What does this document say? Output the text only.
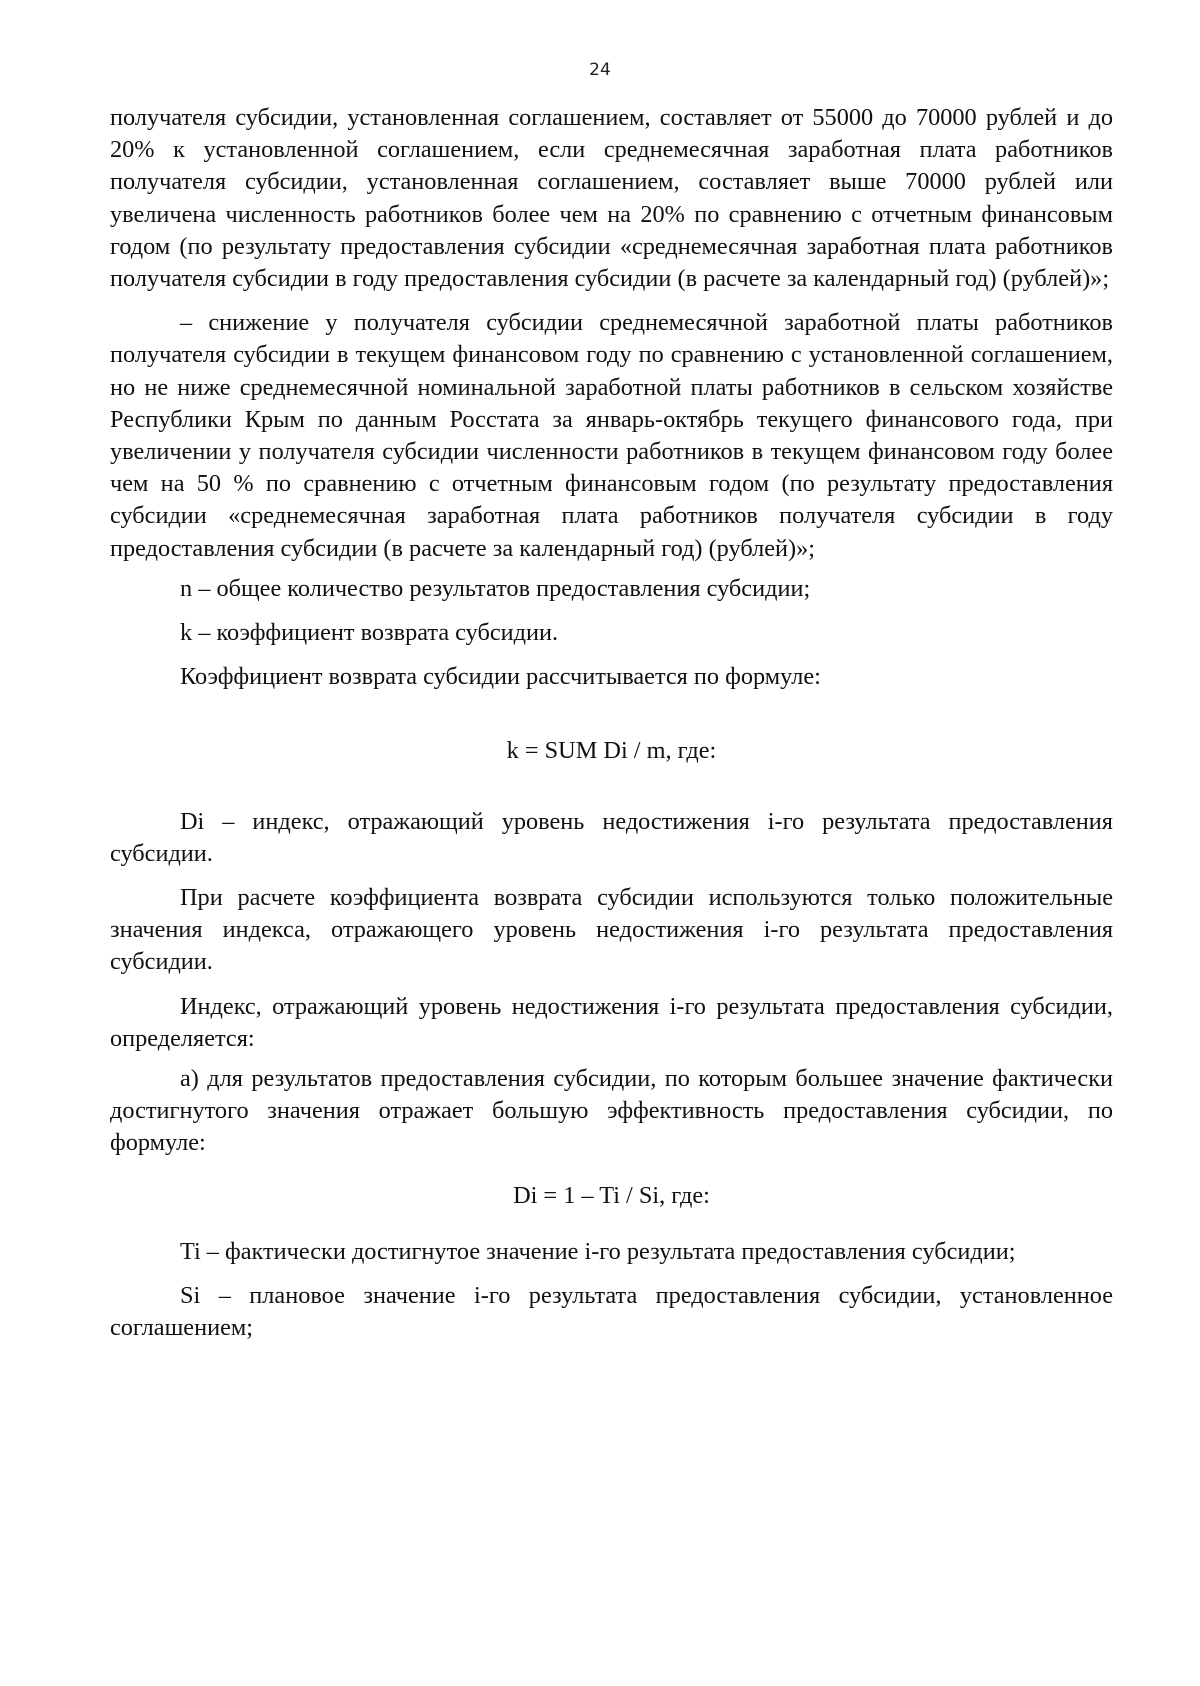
24

получателя субсидии, установленная соглашением, составляет от 55000 до 70000 рублей и до 20% к установленной соглашением, если среднемесячная заработная плата работников получателя субсидии, установленная соглашением, составляет выше 70000 рублей или увеличена численность работников более чем на 20% по сравнению с отчетным финансовым годом (по результату предоставления субсидии «среднемесячная заработная плата работников получателя субсидии в году предоставления субсидии (в расчете за календарный год) (рублей)»;

– снижение у получателя субсидии среднемесячной заработной платы работников получателя субсидии в текущем финансовом году по сравнению с установленной соглашением, но не ниже среднемесячной номинальной заработной платы работников в сельском хозяйстве Республики Крым по данным Росстата за январь-октябрь текущего финансового года, при увеличении у получателя субсидии численности работников в текущем финансовом году более чем на 50 % по сравнению с отчетным финансовым годом (по результату предоставления субсидии «среднемесячная заработная плата работников получателя субсидии в году предоставления субсидии (в расчете за календарный год) (рублей)»;

n – общее количество результатов предоставления субсидии;

k – коэффициент возврата субсидии.

Коэффициент возврата субсидии рассчитывается по формуле:

k = SUM Di / m, где:

Di – индекс, отражающий уровень недостижения i-го результата предоставления субсидии.

При расчете коэффициента возврата субсидии используются только положительные значения индекса, отражающего уровень недостижения i-го результата предоставления субсидии.

Индекс, отражающий уровень недостижения i-го результата предоставления субсидии, определяется:

а) для результатов предоставления субсидии, по которым большее значение фактически достигнутого значения отражает большую эффективность предоставления субсидии, по формуле:

Di = 1 – Ti / Si, где:

Ti – фактически достигнутое значение i-го результата предоставления субсидии;

Si – плановое значение i-го результата предоставления субсидии, установленное соглашением;
